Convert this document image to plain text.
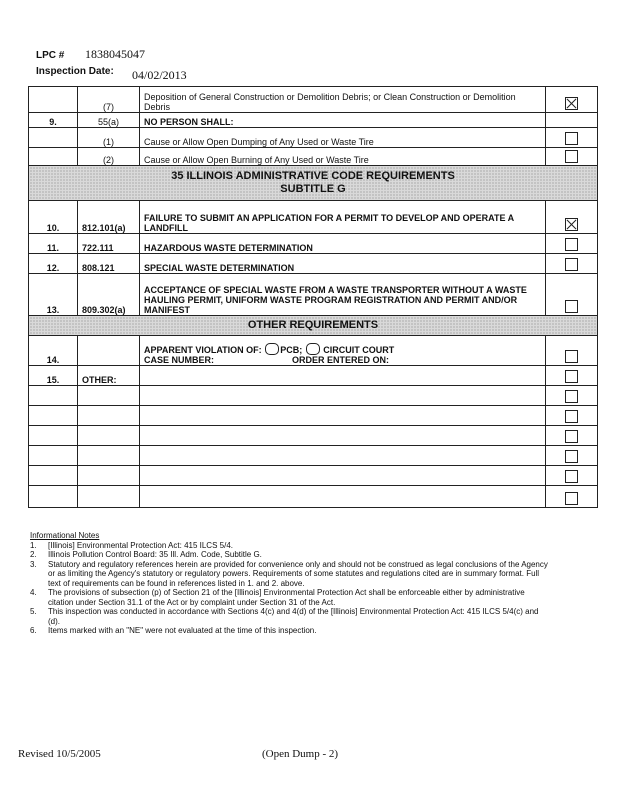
LPC # 1838045047
Inspection Date: 04/02/2013
	(7)	Deposition of General Construction or Demolition Debris; or Clean Construction or Demolition Debris	
9.	55(a)	NO PERSON SHALL:	
	(1)	Cause or Allow Open Dumping of Any Used or Waste Tire	
	(2)	Cause or Allow Open Burning of Any Used or Waste Tire	

35 ILLINOIS ADMINISTRATIVE CODE REQUIREMENTS
SUBTITLE G			

10.	812.101(a)	FAILURE TO SUBMIT AN APPLICATION FOR A PERMIT TO DEVELOP AND OPERATE A LANDFILL	
11.	722.111	HAZARDOUS WASTE DETERMINATION	
12.	808.121	SPECIAL WASTE DETERMINATION	
13.	809.302(a)	ACCEPTANCE OF SPECIAL WASTE FROM A WASTE TRANSPORTER WITHOUT A WASTE HAULING PERMIT, UNIFORM WASTE PROGRAM REGISTRATION AND PERMIT AND/OR MANIFEST	

OTHER REQUIREMENTS			

14.		APPARENT VIOLATION OF: PCB; CIRCUIT COURT
CASE NUMBER: ORDER ENTERED ON:	

15.	OTHER:		

Informational Notes
1.	[Illinois] Environmental Protection Act: 415 ILCS 5/4.
2.	Illinois Pollution Control Board: 35 Ill. Adm. Code, Subtitle G.
3.	Statutory and regulatory references herein are provided for convenience only and should not be construed as legal conclusions of the Agency or as limiting the Agency's statutory or regulatory powers. Requirements of some statutes and regulations cited are in summary format. Full text of requirements can be found in references listed in 1. and 2. above.
4.	The provisions of subsection (p) of Section 21 of the [Illinois] Environmental Protection Act shall be enforceable either by administrative citation under Section 31.1 of the Act or by complaint under Section 31 of the Act.
5.	This inspection was conducted in accordance with Sections 4(c) and 4(d) of the [Illinois] Environmental Protection Act: 415 ILCS 5/4(c) and (d).
6.	Items marked with an "NE" were not evaluated at the time of this inspection.
Revised 10/5/2005	(Open Dump - 2)
